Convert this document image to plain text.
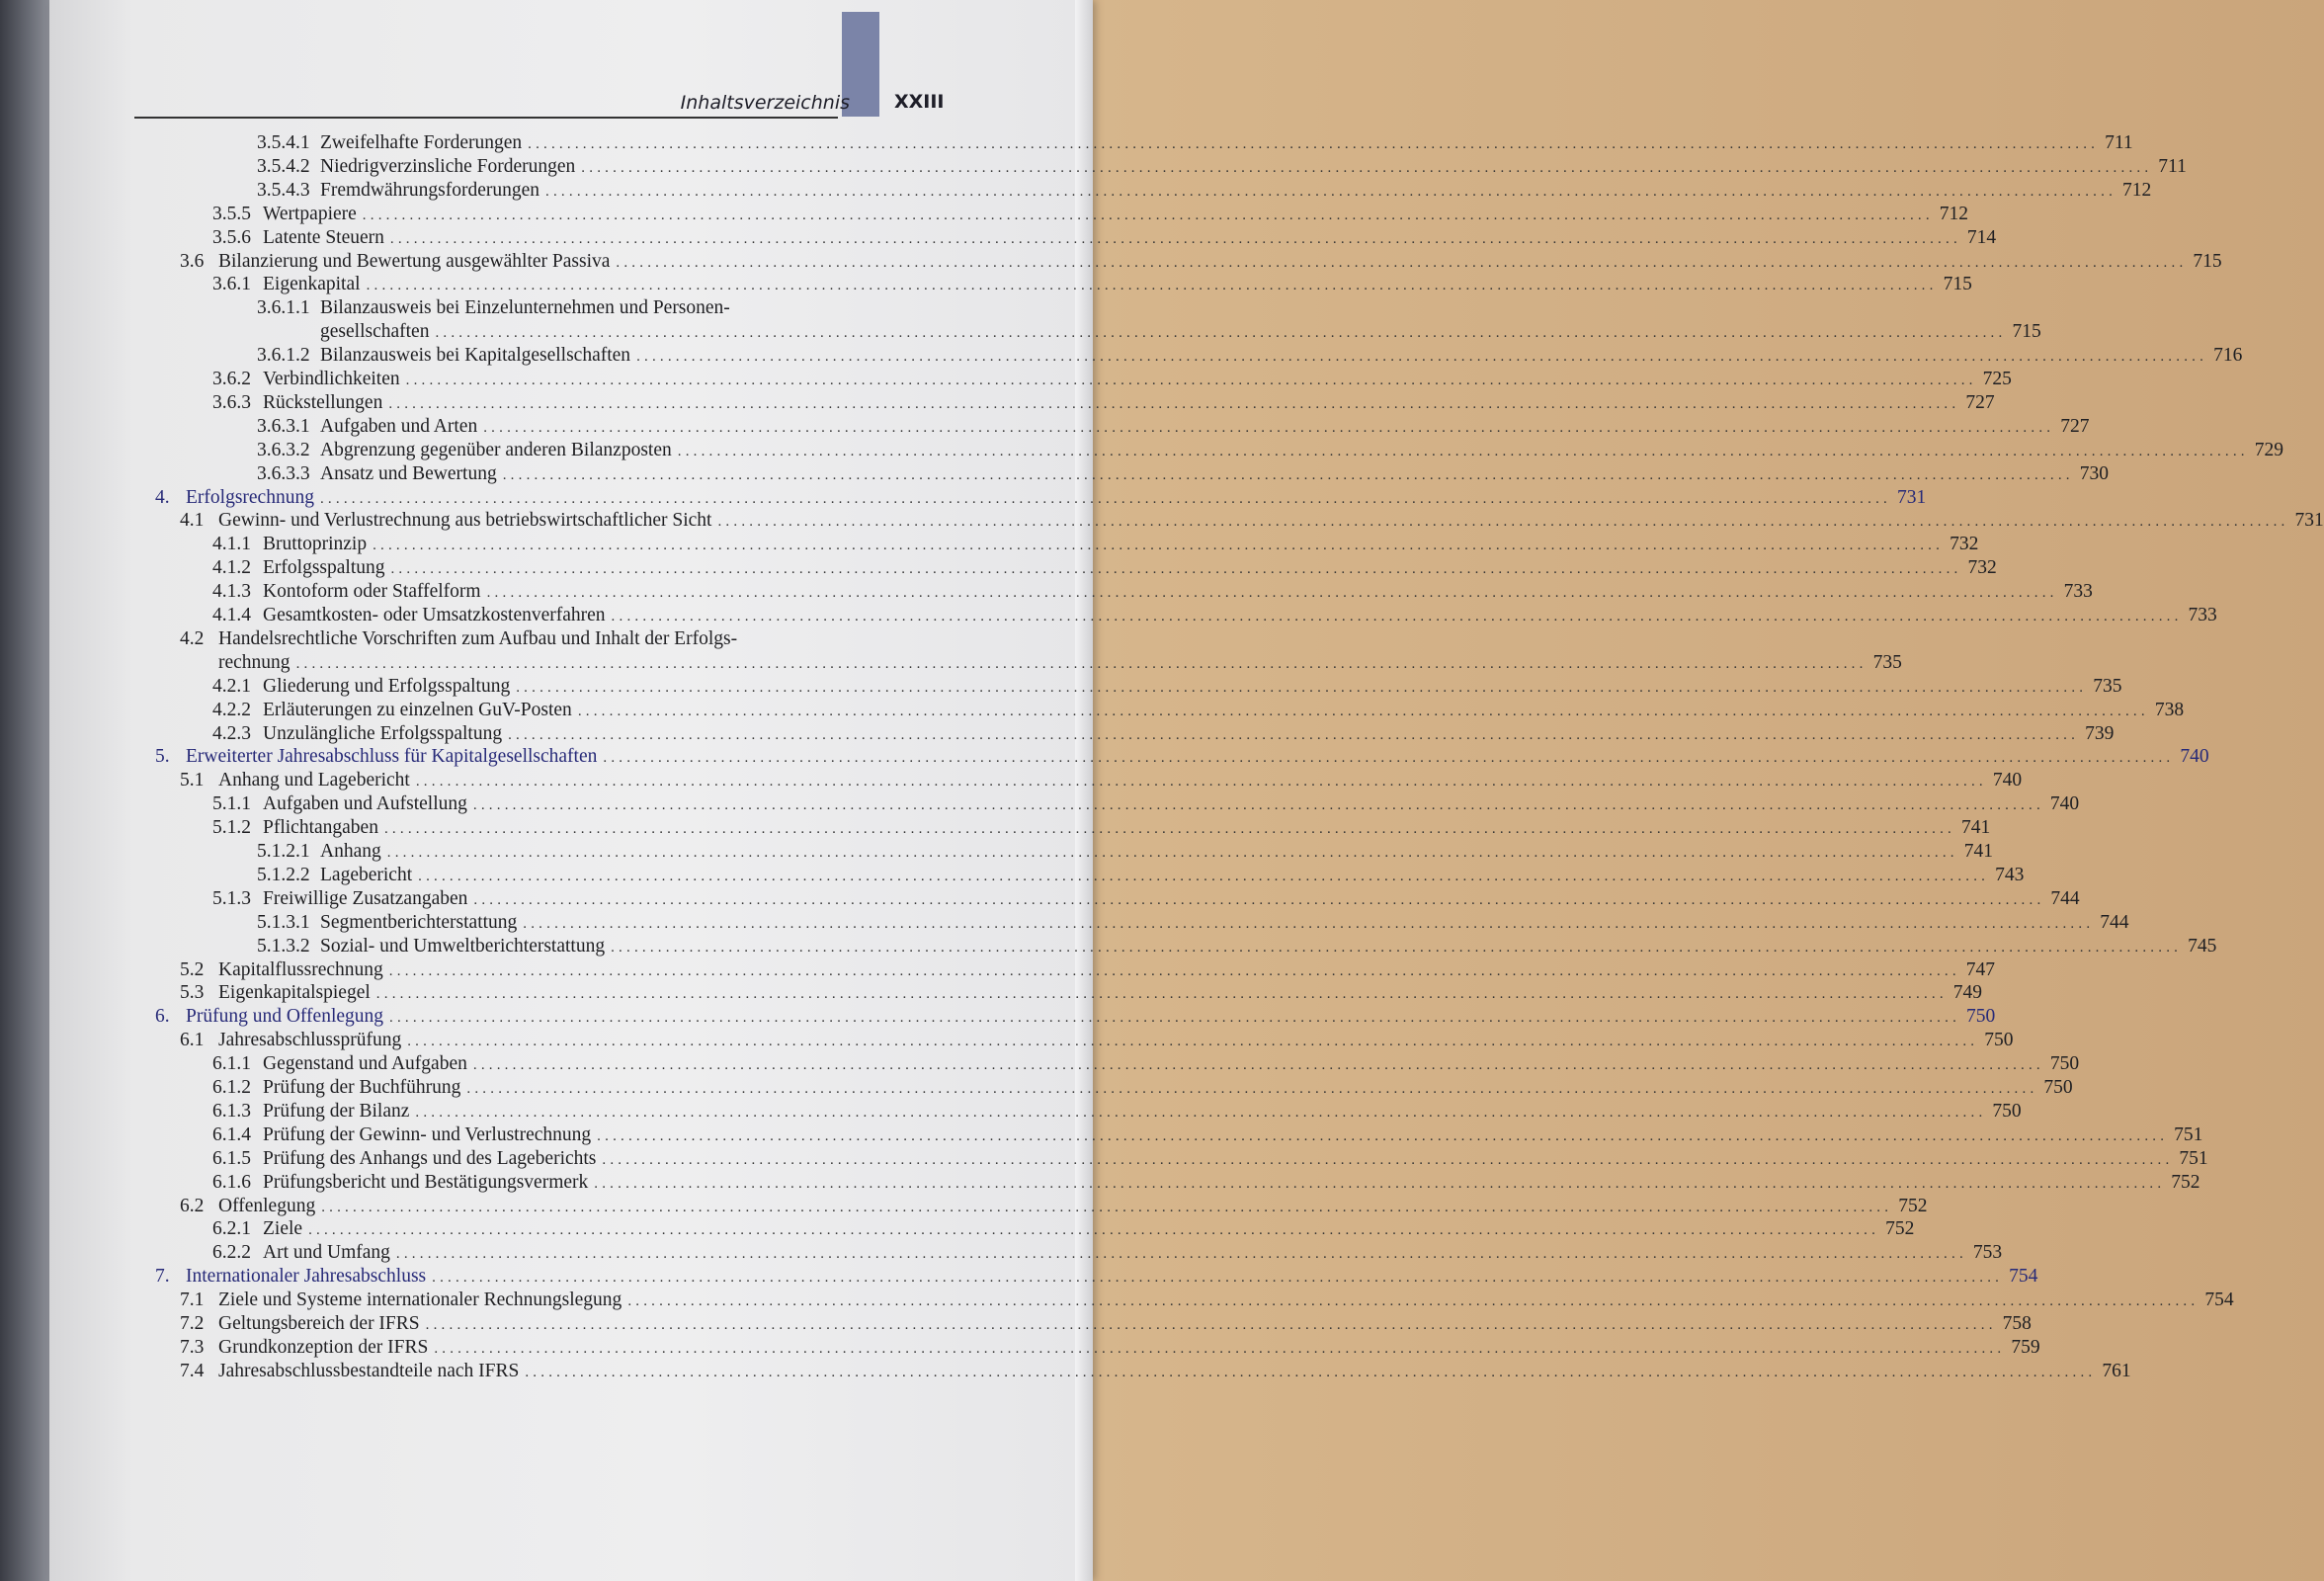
Inhaltsverzeichnis XXIII
3.5.4.1 Zweifelhafte Forderungen ........................................................................................................................................................................................................ 711
3.5.4.2 Niedrigverzinsliche Forderungen ........................................................................................................................................................................................................ 711
3.5.4.3 Fremdwährungsforderungen ........................................................................................................................................................................................................ 712
3.5.5 Wertpapiere ........................................................................................................................................................................................................ 712
3.5.6 Latente Steuern ........................................................................................................................................................................................................ 714
3.6 Bilanzierung und Bewertung ausgewählter Passiva ........................................................................................................................................................................................................ 715
3.6.1 Eigenkapital ........................................................................................................................................................................................................ 715
3.6.1.1 Bilanzausweis bei Einzelunternehmen und Personen-
gesellschaften ........................................................................................................................................................................................................ 715
3.6.1.2 Bilanzausweis bei Kapitalgesellschaften ........................................................................................................................................................................................................ 716
3.6.2 Verbindlichkeiten ........................................................................................................................................................................................................ 725
3.6.3 Rückstellungen ........................................................................................................................................................................................................ 727
3.6.3.1 Aufgaben und Arten ........................................................................................................................................................................................................ 727
3.6.3.2 Abgrenzung gegenüber anderen Bilanzposten ........................................................................................................................................................................................................ 729
3.6.3.3 Ansatz und Bewertung ........................................................................................................................................................................................................ 730
4. Erfolgsrechnung ........................................................................................................................................................................................................ 731
4.1 Gewinn- und Verlustrechnung aus betriebswirtschaftlicher Sicht ........................................................................................................................................................................................................ 731
4.1.1 Bruttoprinzip ........................................................................................................................................................................................................ 732
4.1.2 Erfolgsspaltung ........................................................................................................................................................................................................ 732
4.1.3 Kontoform oder Staffelform ........................................................................................................................................................................................................ 733
4.1.4 Gesamtkosten- oder Umsatzkostenverfahren ........................................................................................................................................................................................................ 733
4.2 Handelsrechtliche Vorschriften zum Aufbau und Inhalt der Erfolgs-
rechnung ........................................................................................................................................................................................................ 735
4.2.1 Gliederung und Erfolgsspaltung ........................................................................................................................................................................................................ 735
4.2.2 Erläuterungen zu einzelnen GuV-Posten ........................................................................................................................................................................................................ 738
4.2.3 Unzulängliche Erfolgsspaltung ........................................................................................................................................................................................................ 739
5. Erweiterter Jahresabschluss für Kapitalgesellschaften ........................................................................................................................................................................................................ 740
5.1 Anhang und Lagebericht ........................................................................................................................................................................................................ 740
5.1.1 Aufgaben und Aufstellung ........................................................................................................................................................................................................ 740
5.1.2 Pflichtangaben ........................................................................................................................................................................................................ 741
5.1.2.1 Anhang ........................................................................................................................................................................................................ 741
5.1.2.2 Lagebericht ........................................................................................................................................................................................................ 743
5.1.3 Freiwillige Zusatzangaben ........................................................................................................................................................................................................ 744
5.1.3.1 Segmentberichterstattung ........................................................................................................................................................................................................ 744
5.1.3.2 Sozial- und Umweltberichterstattung ........................................................................................................................................................................................................ 745
5.2 Kapitalflussrechnung ........................................................................................................................................................................................................ 747
5.3 Eigenkapitalspiegel ........................................................................................................................................................................................................ 749
6. Prüfung und Offenlegung ........................................................................................................................................................................................................ 750
6.1 Jahresabschlussprüfung ........................................................................................................................................................................................................ 750
6.1.1 Gegenstand und Aufgaben ........................................................................................................................................................................................................ 750
6.1.2 Prüfung der Buchführung ........................................................................................................................................................................................................ 750
6.1.3 Prüfung der Bilanz ........................................................................................................................................................................................................ 750
6.1.4 Prüfung der Gewinn- und Verlustrechnung ........................................................................................................................................................................................................ 751
6.1.5 Prüfung des Anhangs und des Lageberichts ........................................................................................................................................................................................................ 751
6.1.6 Prüfungsbericht und Bestätigungsvermerk ........................................................................................................................................................................................................ 752
6.2 Offenlegung ........................................................................................................................................................................................................ 752
6.2.1 Ziele ........................................................................................................................................................................................................ 752
6.2.2 Art und Umfang ........................................................................................................................................................................................................ 753
7. Internationaler Jahresabschluss ........................................................................................................................................................................................................ 754
7.1 Ziele und Systeme internationaler Rechnungslegung ........................................................................................................................................................................................................ 754
7.2 Geltungsbereich der IFRS ........................................................................................................................................................................................................ 758
7.3 Grundkonzeption der IFRS ........................................................................................................................................................................................................ 759
7.4 Jahresabschlussbestandteile nach IFRS ........................................................................................................................................................................................................ 761
